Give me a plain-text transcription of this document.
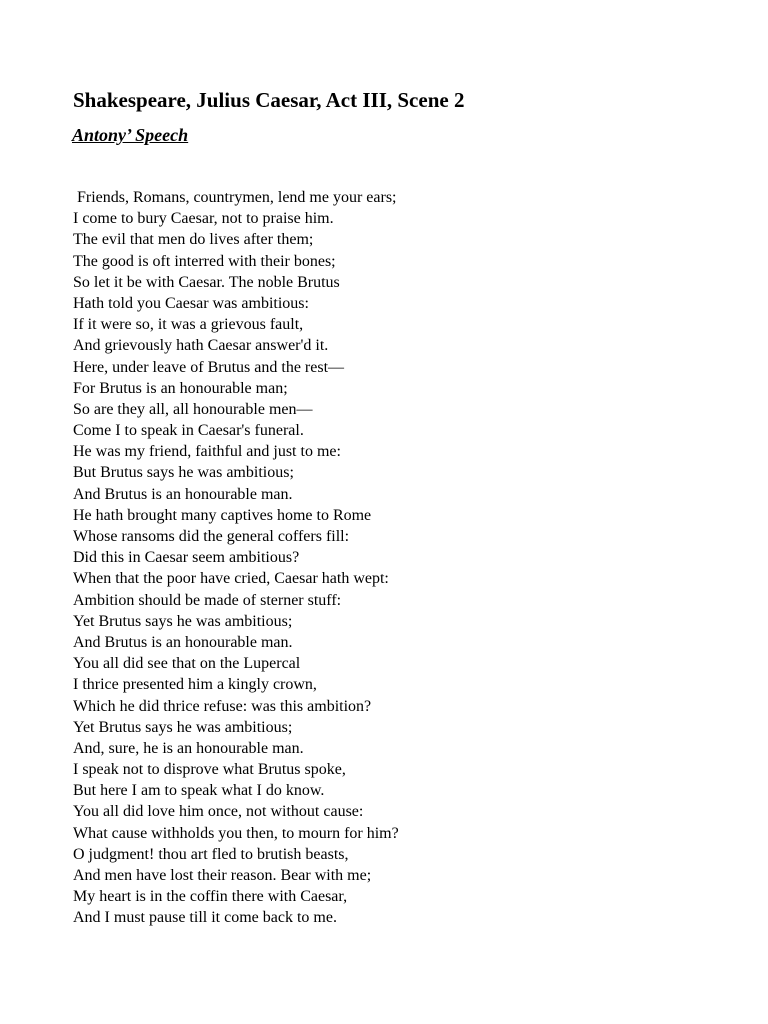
Shakespeare, Julius Caesar, Act III, Scene 2
Antony’ Speech
Friends, Romans, countrymen, lend me your ears;
I come to bury Caesar, not to praise him.
The evil that men do lives after them;
The good is oft interred with their bones;
So let it be with Caesar. The noble Brutus
Hath told you Caesar was ambitious:
If it were so, it was a grievous fault,
And grievously hath Caesar answer'd it.
Here, under leave of Brutus and the rest—
For Brutus is an honourable man;
So are they all, all honourable men—
Come I to speak in Caesar's funeral.
He was my friend, faithful and just to me:
But Brutus says he was ambitious;
And Brutus is an honourable man.
He hath brought many captives home to Rome
Whose ransoms did the general coffers fill:
Did this in Caesar seem ambitious?
When that the poor have cried, Caesar hath wept:
Ambition should be made of sterner stuff:
Yet Brutus says he was ambitious;
And Brutus is an honourable man.
You all did see that on the Lupercal
I thrice presented him a kingly crown,
Which he did thrice refuse: was this ambition?
Yet Brutus says he was ambitious;
And, sure, he is an honourable man.
I speak not to disprove what Brutus spoke,
But here I am to speak what I do know.
You all did love him once, not without cause:
What cause withholds you then, to mourn for him?
O judgment! thou art fled to brutish beasts,
And men have lost their reason. Bear with me;
My heart is in the coffin there with Caesar,
And I must pause till it come back to me.
